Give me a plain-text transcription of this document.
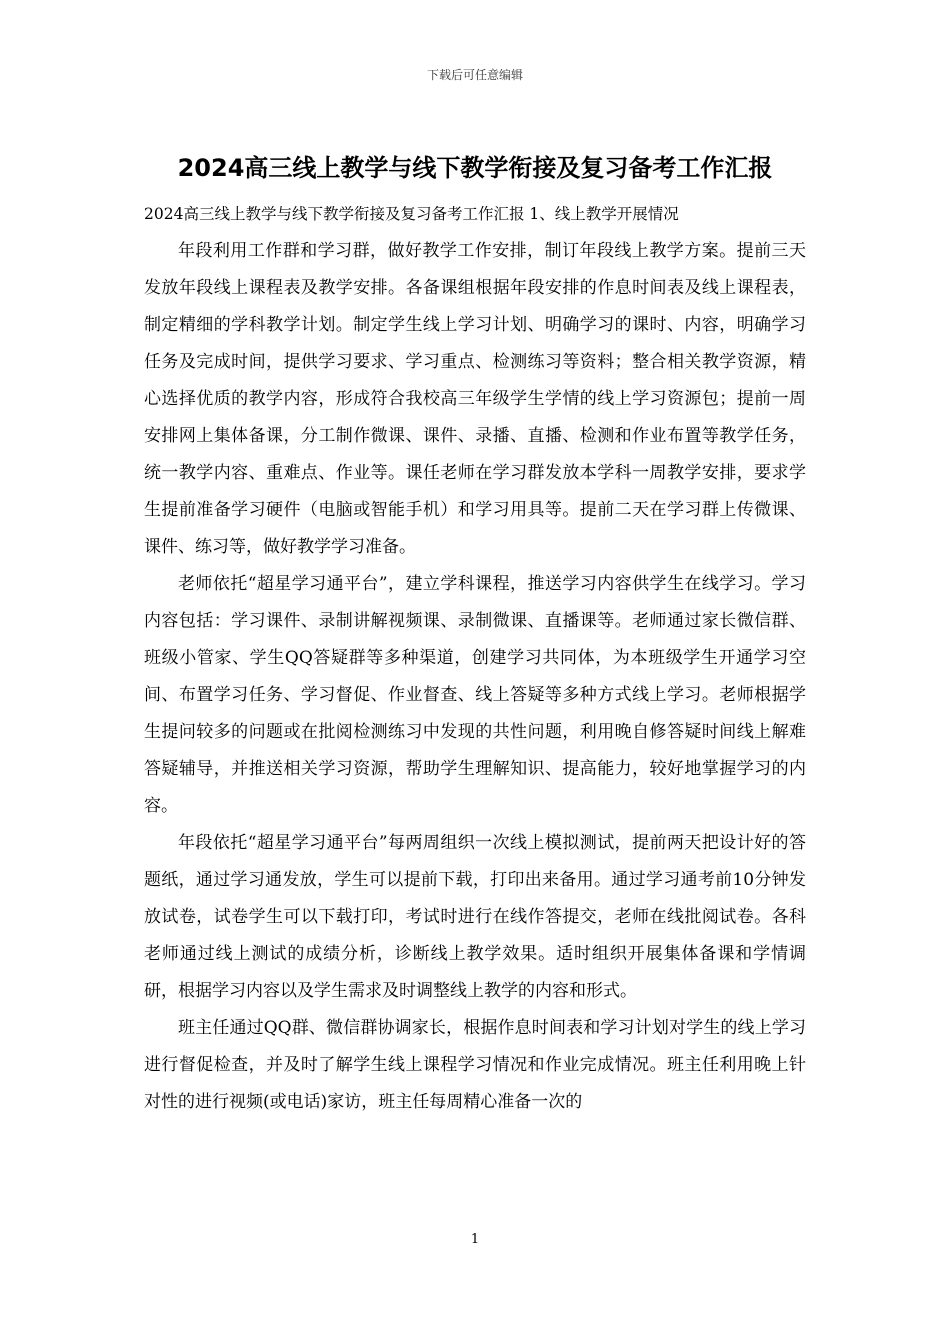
下载后可任意编辑
2024高三线上教学与线下教学衔接及复习备考工作汇报

2024高三线上教学与线下教学衔接及复习备考工作汇报 1、线上教学开展情况

年段利用工作群和学习群，做好教学工作安排，制订年段线上教学方案。提前三天发放年段线上课程表及教学安排。各备课组根据年段安排的作息时间表及线上课程表，制定精细的学科教学计划。制定学生线上学习计划、明确学习的课时、内容，明确学习任务及完成时间，提供学习要求、学习重点、检测练习等资料；整合相关教学资源，精心选择优质的教学内容，形成符合我校高三年级学生学情的线上学习资源包；提前一周安排网上集体备课，分工制作微课、课件、录播、直播、检测和作业布置等教学任务，统一教学内容、重难点、作业等。课任老师在学习群发放本学科一周教学安排，要求学生提前准备学习硬件（电脑或智能手机）和学习用具等。提前二天在学习群上传微课、课件、练习等，做好教学学习准备。

老师依托“超星学习通平台”，建立学科课程，推送学习内容供学生在线学习。学习内容包括：学习课件、录制讲解视频课、录制微课、直播课等。老师通过家长微信群、班级小管家、学生QQ答疑群等多种渠道，创建学习共同体，为本班级学生开通学习空间、布置学习任务、学习督促、作业督查、线上答疑等多种方式线上学习。老师根据学生提问较多的问题或在批阅检测练习中发现的共性问题，利用晚自修答疑时间线上解难答疑辅导，并推送相关学习资源，帮助学生理解知识、提高能力，较好地掌握学习的内容。

年段依托“超星学习通平台”每两周组织一次线上模拟测试，提前两天把设计好的答题纸，通过学习通发放，学生可以提前下载，打印出来备用。通过学习通考前10分钟发放试卷，试卷学生可以下载打印，考试时进行在线作答提交，老师在线批阅试卷。各科老师通过线上测试的成绩分析，诊断线上教学效果。适时组织开展集体备课和学情调研，根据学习内容以及学生需求及时调整线上教学的内容和形式。

班主任通过QQ群、微信群协调家长，根据作息时间表和学习计划对学生的线上学习进行督促检查，并及时了解学生线上课程学习情况和作业完成情况。班主任利用晚上针对性的进行视频(或电话)家访，班主任每周精心准备一次的

1
